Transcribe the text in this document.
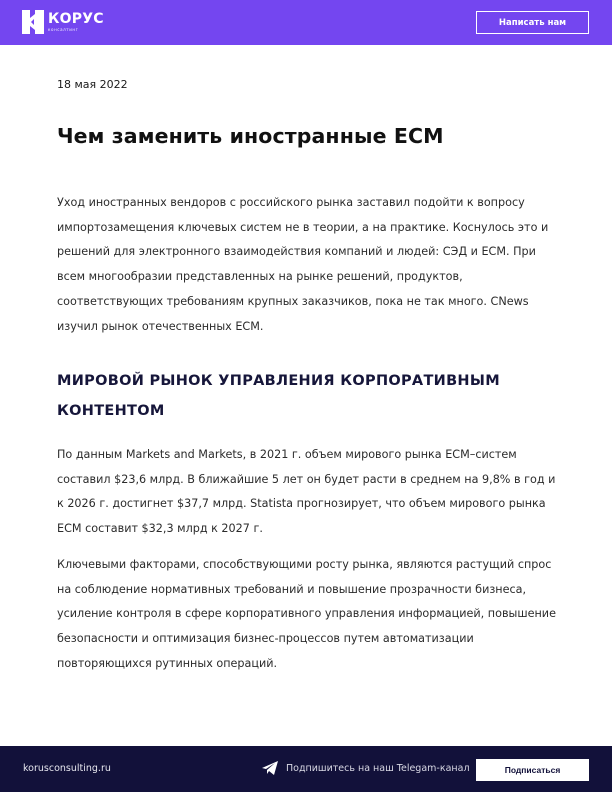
КОРУС
консалтинг
Написать нам
18 мая 2022
Чем заменить иностранные ECM

Уход иностранных вендоров с российского рынка заставил подойти к вопросу импортозамещения ключевых систем не в теории, а на практике. Коснулось это и решений для электронного взаимодействия компаний и людей: СЭД и ECM. При всем многообразии представленных на рынке решений, продуктов, соответствующих требованиям крупных заказчиков, пока не так много. CNews изучил рынок отечественных ECM.

МИРОВОЙ РЫНОК УПРАВЛЕНИЯ КОРПОРАТИВНЫМ КОНТЕНТОМ

По данным Markets and Markets, в 2021 г. объем мирового рынка ECM–систем составил $23,6 млрд. В ближайшие 5 лет он будет расти в среднем на 9,8% в год и к 2026 г. достигнет $37,7 млрд. Statista прогнозирует, что объем мирового рынка ECM составит $32,3 млрд к 2027 г.

Ключевыми факторами, способствующими росту рынка, являются растущий спрос на соблюдение нормативных требований и повышение прозрачности бизнеса, усиление контроля в сфере корпоративного управления информацией, повышение безопасности и оптимизация бизнес-процессов путем автоматизации повторяющихся рутинных операций.

korusconsulting.ru	Подпишитесь на наш Telegam-канал	Подписаться
